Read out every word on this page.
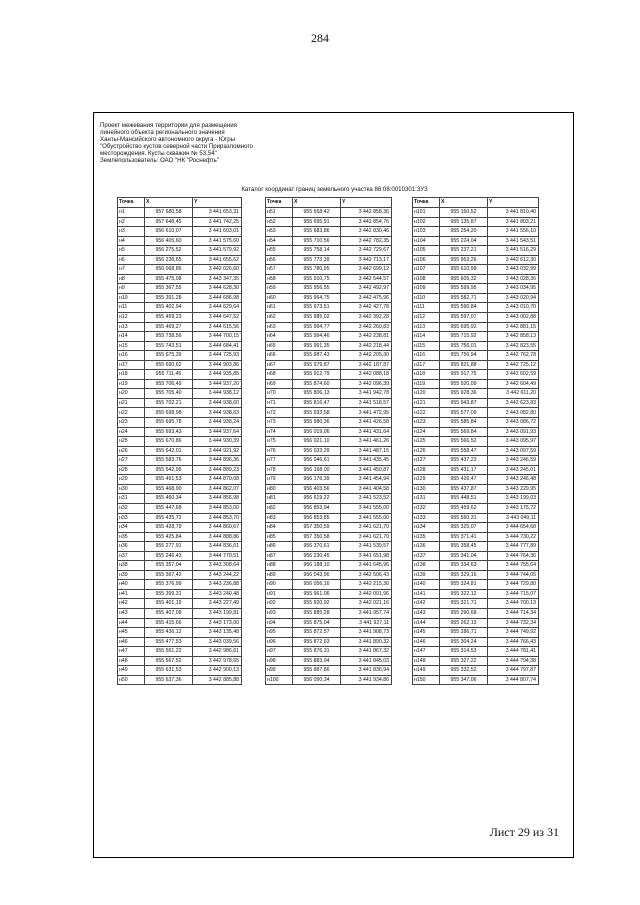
284
Проект межевания территории для размещения
линейного объекта регионального значения
Ханты-Мансийского автономного округа - Югры
"Обустройство кустов северной части Приразломного
месторождения. Кусты скважин № 53,54"
Землепользователь: ОАО "НК "Роснефть"
Каталог координат границ земельного участка 86:08:0010301:3УЗ
Точка	X	Y
н1	957 680,58	3 441 653,31
н2	957 648,45	3 441 742,25
н3	956 610,07	3 441 603,01
н4	956 405,60	3 441 575,60
н5	956 275,52	3 441 579,92
н6	956 236,65	3 441 655,62
н7	956 068,86	3 442 026,60
н8	955 475,08	3 443 347,35
н9	955 367,55	3 444 628,30
н10	955 391,28	3 444 686,98
н11	955 402,94	3 444 629,64
н12	955 459,23	3 444 647,52
н13	955 469,27	3 444 615,56
н14	955 738,56	3 444 700,15
н15	955 743,51	3 444 684,41
н16	955 675,39	3 444 725,93
н17	955 690,62	3 444 903,86
н18	955 711,45	3 444 935,85
н19	955 706,49	3 444 937,20
н20	955 705,40	3 444 938,12
н21	955 702,21	3 444 938,60
н22	955 698,98	3 444 938,63
н23	955 695,78	3 444 938,24
н24	955 693,43	3 444 937,64
н25	955 670,86	3 444 930,39
н26	955 642,01	3 444 921,92
н27	955 583,76	3 444 896,36
н28	955 542,95	3 444 889,23
н29	955 491,53	3 444 870,08
н30	955 468,90	3 444 862,07
н31	955 460,34	3 444 856,98
н32	955 447,68	3 444 853,00
н33	955 435,72	3 444 853,70
н34	955 428,79	3 444 860,67
н35	955 425,84	3 444 888,86
н36	955 277,91	3 444 836,01
н37	955 246,43	3 444 770,51
н38	955 357,04	3 443 308,64
н39	955 367,42	3 443 244,22
н40	955 376,99	3 443 236,88
н41	955 399,31	3 443 240,48
н42	955 401,19	3 443 227,49
н43	955 407,08	3 443 199,81
н44	955 415,66	3 443 173,00
н45	955 436,12	3 443 135,48
н46	955 477,53	3 443 039,56
н47	955 561,22	3 442 986,61
н48	955 567,52	3 442 978,65
н49	955 631,53	3 442 900,13
н50	955 637,36	3 442 885,88
Точка	X	Y
н51	955 658,42	3 442 858,36
н52	955 695,91	3 442 854,76
н53	955 683,86	3 442 830,46
н54	955 710,56	3 442 782,35
н55	955 758,14	3 442 729,67
н56	955 773,39	3 442 713,17
н57	955 780,95	3 442 699,12
н58	955 910,75	3 442 544,57
н59	955 956,55	3 442 492,97
н60	955 964,75	3 442 475,96
н61	955 973,51	3 442 427,78
н62	955 985,02	3 442 392,28
н63	955 994,77	3 442 260,83
н64	955 994,46	3 442 238,81
н65	955 991,35	3 442 218,44
н66	955 987,43	3 442 205,30
н67	955 979,87	3 442 187,87
н68	955 912,79	3 442 088,18
н69	955 874,60	3 442 096,39
н70	955 806,13	3 441 942,78
н71	955 816,47	3 441 518,57
н72	955 933,58	3 441 472,95
н73	955 980,36	3 441 426,58
н74	956 019,06	3 441 431,64
н75	956 021,10	3 441 461,26
н76	956 033,29	3 441 487,15
н77	956 046,61	3 441 435,45
н78	956 168,00	3 441 450,87
н79	956 176,39	3 441 454,94
н80	956 403,56	3 441 404,58
н81	956 619,22	3 441 523,52
н82	956 853,94	3 441 555,00
н83	956 853,85	3 441 555,00
н84	957 350,59	3 441 621,70
н85	957 350,58	3 441 621,70
н86	956 370,61	3 441 539,57
н87	956 230,45	3 441 651,98
н88	956 188,10	3 441 645,96
н89	956 043,96	3 442 506,43
н90	956 056,16	3 442 215,30
н91	955 961,06	3 442 001,96
н92	955 920,92	3 442 021,16
н93	955 885,28	3 441 957,74
н94	955 875,04	3 441 927,11
н95	955 872,57	3 441 908,73
н96	955 872,63	3 441 890,32
н97	955 876,31	3 441 867,32
н98	955 883,94	3 441 845,03
н99	955 887,86	3 441 836,94
н100	956 090,34	3 441 934,86
Точка	X	Y
н101	955 160,52	3 441 810,40
н102	955 135,87	3 441 803,21
н103	955 254,20	3 441 556,10
н104	955 224,04	3 441 543,51
н105	955 237,21	3 441 516,29
н106	955 953,26	3 442 612,30
н107	955 610,99	3 443 032,99
н108	955 605,32	3 443 028,36
н109	955 599,95	3 443 034,95
н110	955 582,71	3 443 020,94
н111	955 590,84	3 443 010,70
н112	955 597,07	3 443 002,88
н113	955 695,92	3 442 881,15
н114	955 715,92	3 442 858,13
н115	955 756,01	3 442 823,55
н116	955 756,94	3 442 762,78
н117	955 821,88	3 442 725,12
н118	955 917,75	3 442 602,59
н119	955 920,09	3 442 604,49
н120	955 928,36	3 442 611,20
н121	955 943,87	3 442 623,83
н122	955 577,09	3 443 082,80
н123	955 585,84	3 443 086,72
н124	955 569,84	3 443 091,93
н125	955 566,52	3 443 095,97
н126	955 558,47	3 443 097,59
н127	955 437,23	3 443 246,59
н128	955 431,17	3 443 245,01
н129	955 426,47	3 443 246,48
н130	955 437,87	3 443 229,95
н131	955 448,51	3 443 199,03
н132	955 459,62	3 443 175,72
н133	955 560,31	3 443 049,11
н134	955 325,07	3 444 654,68
н135	955 371,41	3 444 730,22
н136	955 358,45	3 444 777,89
н137	955 341,04	3 444 764,36
н138	955 334,63	3 444 755,64
н139	955 329,16	3 444 744,05
н140	955 324,81	3 444 729,80
н141	955 322,12	3 444 715,07
н142	955 321,71	3 444 700,13
н143	955 290,68	3 444 714,34
н144	955 262,13	3 444 732,34
н145	955 286,71	3 444 749,92
н146	955 304,24	3 444 766,43
н147	955 314,53	3 444 781,41
н148	955 327,22	3 444 794,38
н149	955 332,52	3 444 797,87
н150	955 347,06	3 444 807,74
Лист 29 из 31
